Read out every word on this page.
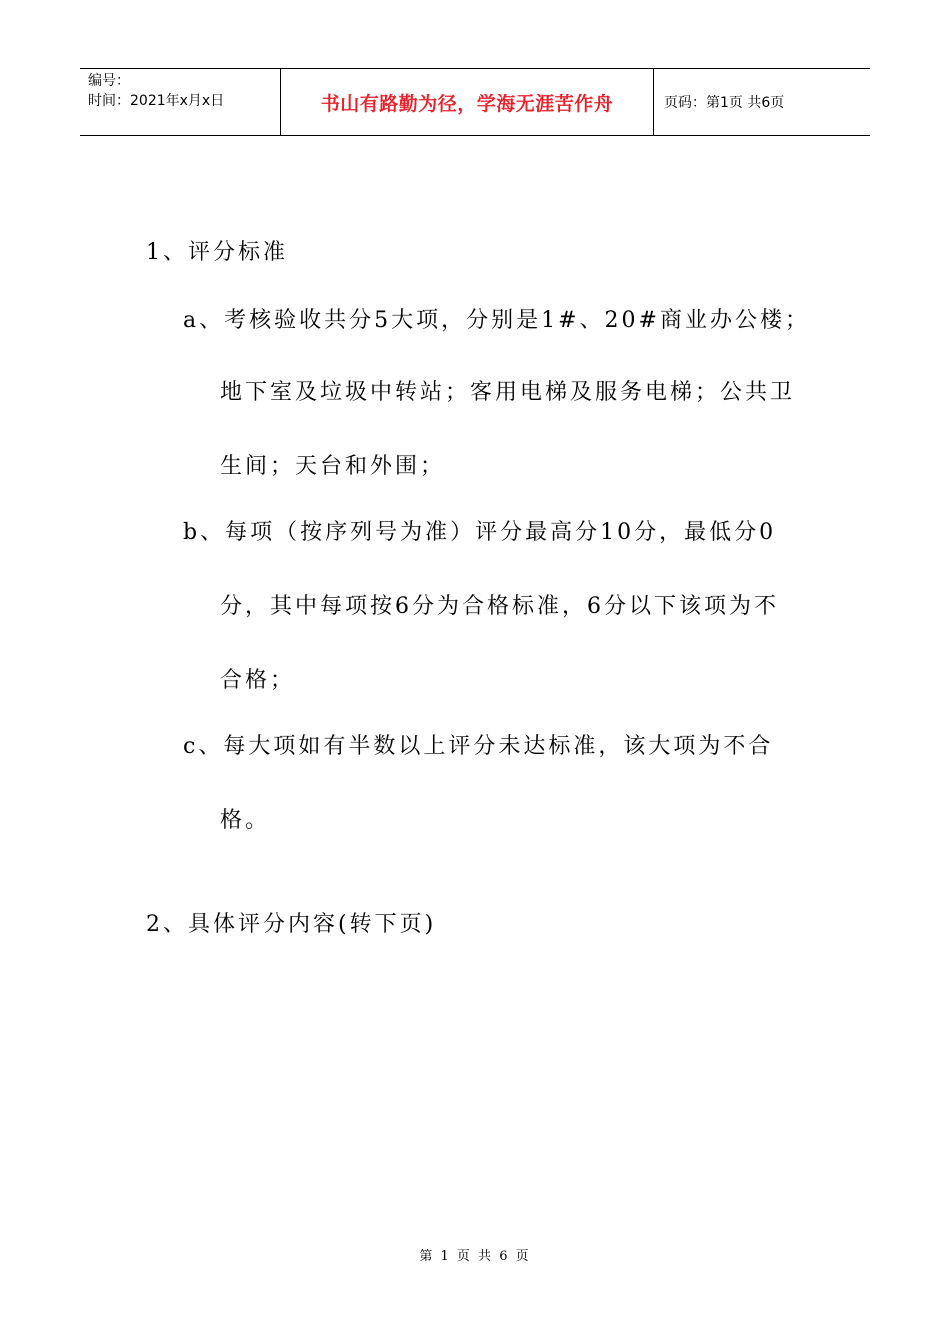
编号：
时间：2021年x月x日	书山有路勤为径，学海无涯苦作舟	页码：第1页 共6页
1、评分标准
a、考核验收共分5大项，分别是1#、20#商业办公楼；
地下室及垃圾中转站；客用电梯及服务电梯；公共卫
生间；天台和外围；
b、每项（按序列号为准）评分最高分10分，最低分0
分，其中每项按6分为合格标准，6分以下该项为不
合格；
c、每大项如有半数以上评分未达标准，该大项为不合
格。
2、具体评分内容(转下页)
第 1 页 共 6 页
